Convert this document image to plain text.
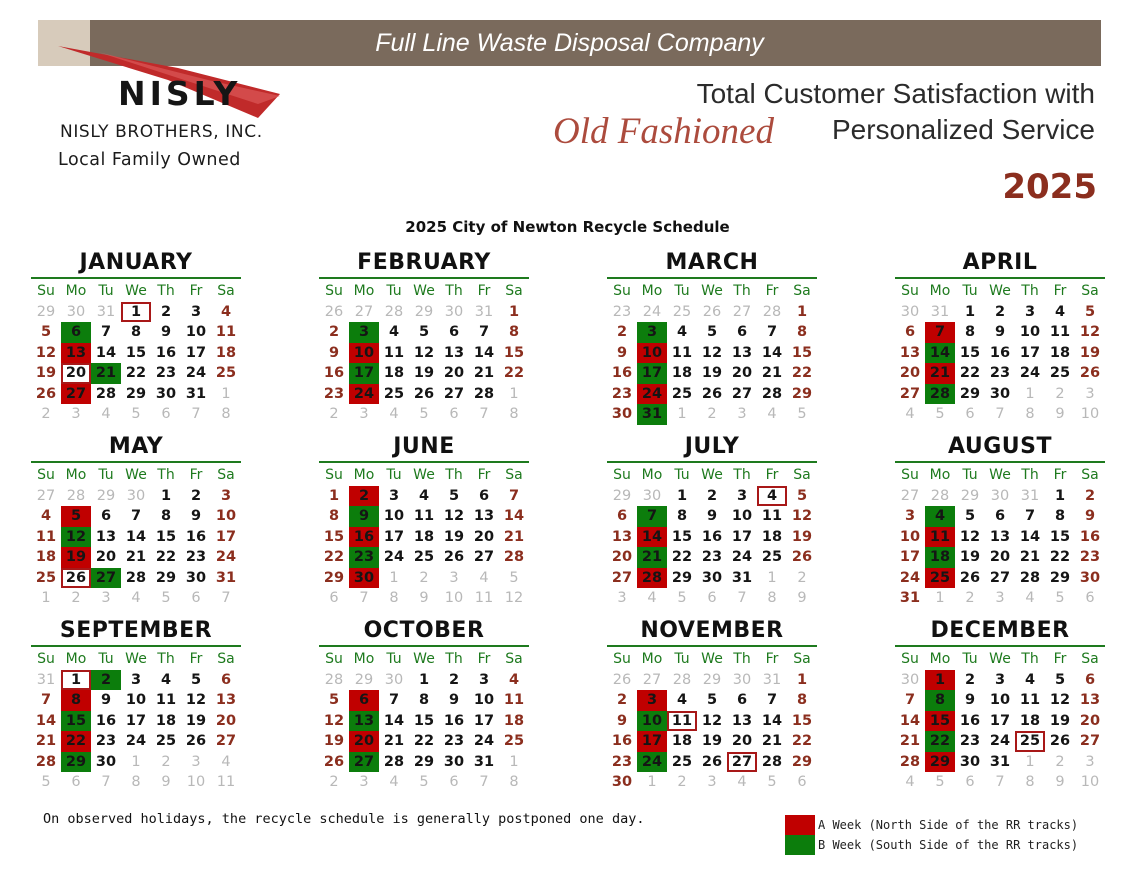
Full Line Waste Disposal Company
NISLY
NISLY BROTHERS, INC.
Local Family Owned
Total Customer Satisfaction with
Old Fashioned Personalized Service
2025
2025 City of Newton Recycle Schedule
JANUARY
Su Mo Tu We Th	Fr	Sa
29 30 31	1	2	3	4
5	6	7	8	9	10 11
12 13 14 15 16 17 18
19 20 21 22 23 24 25
26 27 28 29 30 31	1
2	3	4	5	6	7	8
FEBRUARY
Su Mo Tu We Th	Fr	Sa
26 27 28 29 30 31	1
2	3	4	5	6	7	8
9	10 11 12 13 14 15
16 17 18 19 20 21 22
23 24 25 26 27 28	1
2	3	4	5	6	7	8
MARCH
Su Mo Tu We Th	Fr	Sa
23 24 25 26 27 28	1
2	3	4	5	6	7	8
9	10 11 12 13 14 15
16 17 18 19 20 21 22
23 24 25 26 27 28 29
30 31	1	2	3	4	5
APRIL
Su Mo Tu We Th	Fr	Sa
30 31	1	2	3	4	5
6	7	8	9	10 11 12
13 14 15 16 17 18 19
20 21 22 23 24 25 26
27 28 29 30	1	2	3
4	5	6	7	8	9	10
MAY
Su Mo Tu We Th	Fr	Sa
27 28 29 30	1	2	3
4	5	6	7	8	9	10
11 12 13 14 15 16 17
18 19 20 21 22 23 24
25 26 27 28 29 30 31
1	2	3	4	5	6	7
JUNE
Su Mo Tu We Th	Fr	Sa
1	2	3	4	5	6	7
8	9	10 11 12 13 14
15 16 17 18 19 20 21
22 23 24 25 26 27 28
29 30	1	2	3	4	5
6	7	8	9	10 11 12
JULY
Su Mo Tu We Th	Fr	Sa
29 30	1	2	3	4	5
6	7	8	9	10 11 12
13 14 15 16 17 18 19
20 21 22 23 24 25 26
27 28 29 30 31	1	2
3	4	5	6	7	8	9
AUGUST
Su Mo Tu We Th	Fr	Sa
27 28 29 30 31	1	2
3	4	5	6	7	8	9
10 11 12 13 14 15 16
17 18 19 20 21 22 23
24 25 26 27 28 29 30
31	1	2	3	4	5	6
SEPTEMBER
Su Mo Tu We Th	Fr	Sa
31	1	2	3	4	5	6
7	8	9	10 11 12 13
14 15 16 17 18 19 20
21 22 23 24 25 26 27
28 29 30	1	2	3	4
5	6	7	8	9	10 11
OCTOBER
Su Mo Tu We Th	Fr	Sa
28 29 30	1	2	3	4
5	6	7	8	9	10 11
12 13 14 15 16 17 18
19 20 21 22 23 24 25
26 27 28 29 30 31	1
2	3	4	5	6	7	8
NOVEMBER
Su Mo Tu We Th	Fr	Sa
26 27 28 29 30 31	1
2	3	4	5	6	7	8
9	10 11 12 13 14 15
16 17 18 19 20 21 22
23 24 25 26 27 28 29
30	1	2	3	4	5	6
DECEMBER
Su Mo Tu We Th	Fr	Sa
30	1	2	3	4	5	6
7	8	9	10 11 12 13
14 15 16 17 18 19 20
21 22 23 24 25 26 27
28 29 30 31	1	2	3
4	5	6	7	8	9	10
On observed holidays, the recycle schedule is generally postponed one day.	A Week (North Side of the RR tracks)
B Week (South Side of the RR tracks)
